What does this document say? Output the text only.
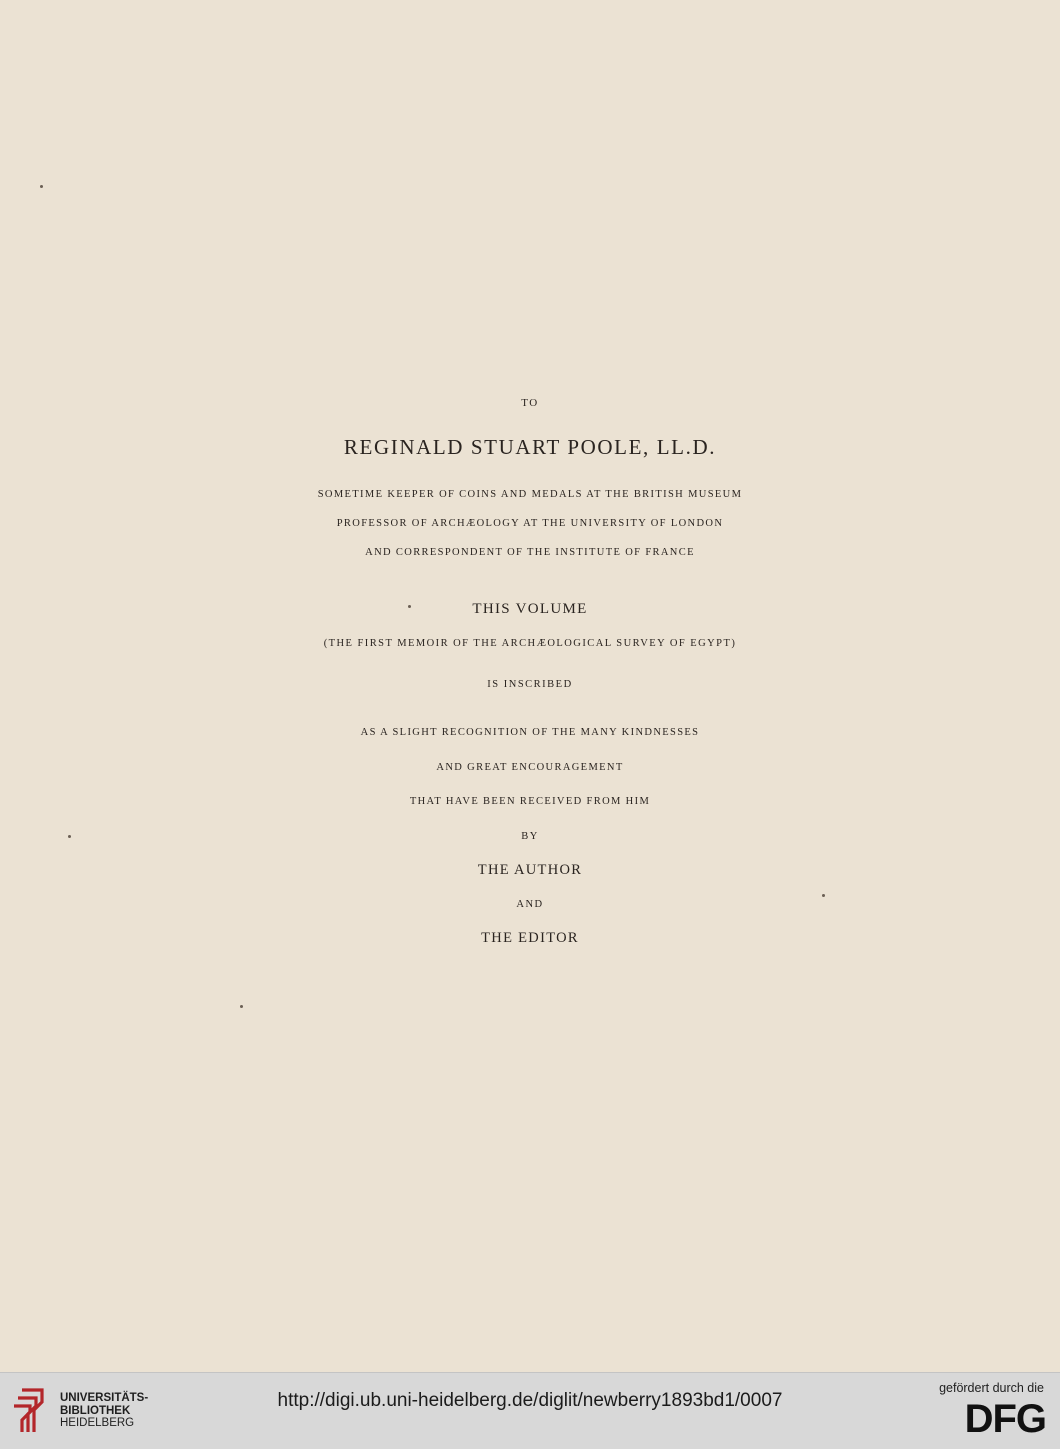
TO
REGINALD STUART POOLE, LL.D.
SOMETIME KEEPER OF COINS AND MEDALS AT THE BRITISH MUSEUM
PROFESSOR OF ARCHÆOLOGY AT THE UNIVERSITY OF LONDON
AND CORRESPONDENT OF THE INSTITUTE OF FRANCE
THIS VOLUME
(THE FIRST MEMOIR OF THE ARCHÆOLOGICAL SURVEY OF EGYPT)
IS INSCRIBED
AS A SLIGHT RECOGNITION OF THE MANY KINDNESSES
AND GREAT ENCOURAGEMENT
THAT HAVE BEEN RECEIVED FROM HIM
BY
THE AUTHOR
AND
THE EDITOR
UNIVERSITÄTS-
BIBLIOTHEK
HEIDELBERG
http://digi.ub.uni-heidelberg.de/diglit/newberry1893bd1/0007
gefördert durch die
DFG
